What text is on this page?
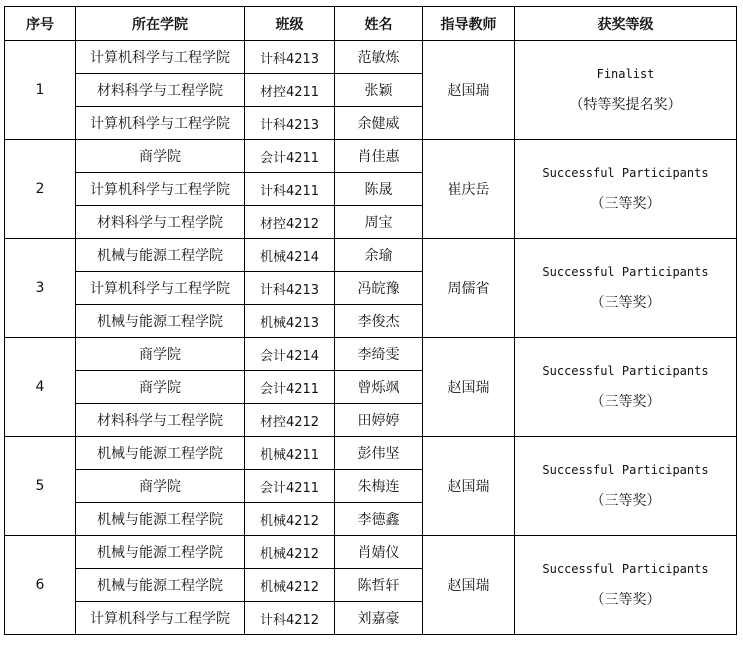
序号	所在学院	班级	姓名	指导教师	获奖等级
1	计算机科学与工程学院	计科4213	范敏炼	赵国瑞	Finalist
（特等奖提名奖）
	材料科学与工程学院	材控4211	张颖		
	计算机科学与工程学院	计科4213	余健威		
2	商学院	会计4211	肖佳惠	崔庆岳	Successful Participants
（三等奖）
	计算机科学与工程学院	计科4211	陈晟		
	材料科学与工程学院	材控4212	周宝		
3	机械与能源工程学院	机械4214	余瑜	周儒省	Successful Participants
（三等奖）
	计算机科学与工程学院	计科4213	冯皖豫		
	机械与能源工程学院	机械4213	李俊杰		
4	商学院	会计4214	李绮雯	赵国瑞	Successful Participants
（三等奖）
	商学院	会计4211	曾烁飒		
	材料科学与工程学院	材控4212	田婷婷		
5	机械与能源工程学院	机械4211	彭伟坚	赵国瑞	Successful Participants
（三等奖）
	商学院	会计4211	朱梅连		
	机械与能源工程学院	机械4212	李德鑫		
6	机械与能源工程学院	机械4212	肖婧仪	赵国瑞	Successful Participants
（三等奖）
	机械与能源工程学院	机械4212	陈哲轩		
	计算机科学与工程学院	计科4212	刘嘉豪		
